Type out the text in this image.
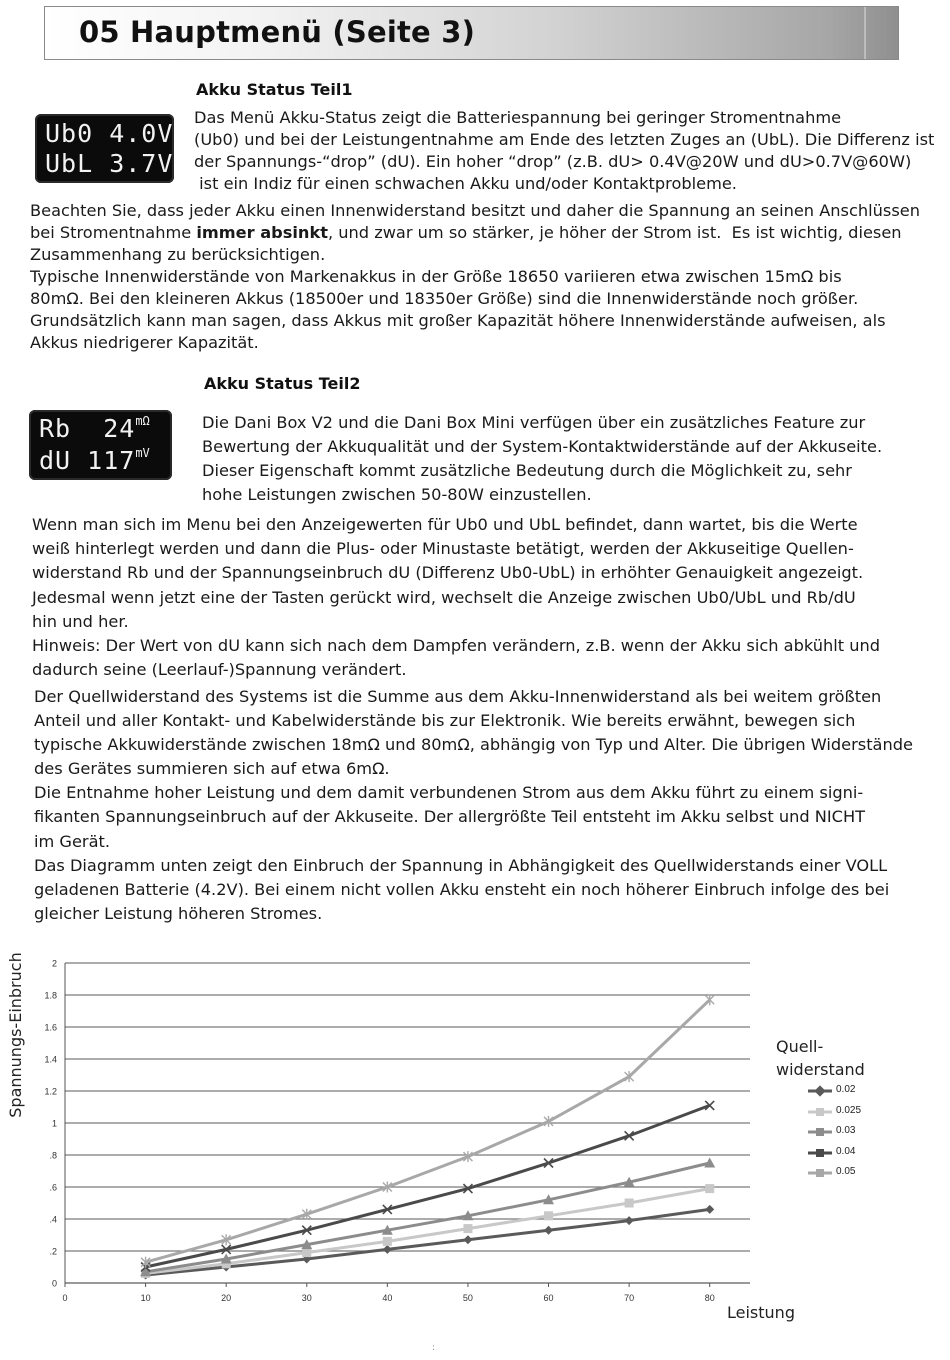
05 Hauptmenü (Seite 3)
Akku Status Teil1
Ub0 4.0V
UbL 3.7V
Das Menü Akku-Status zeigt die Batteriespannung bei geringer Stromentnahme
(Ub0) und bei der Leistungentnahme am Ende des letzten Zuges an (UbL). Die Differenz ist
der Spannungs-“drop” (dU). Ein hoher “drop” (z.B. dU> 0.4V@20W und dU>0.7V@60W)
ist ein Indiz für einen schwachen Akku und/oder Kontaktprobleme.
Beachten Sie, dass jeder Akku einen Innenwiderstand besitzt und daher die Spannung an seinen Anschlüssen
bei Stromentnahme immer absinkt, und zwar um so stärker, je höher der Strom ist.  Es ist wichtig, diesen
Zusammenhang zu berücksichtigen.
Typische Innenwiderstände von Markenakkus in der Größe 18650 variieren etwa zwischen 15mΩ bis
80mΩ. Bei den kleineren Akkus (18500er und 18350er Größe) sind die Innenwiderstände noch größer.
Grundsätzlich kann man sagen, dass Akkus mit großer Kapazität höhere Innenwiderstände aufweisen, als
Akkus niedrigerer Kapazität.
Akku Status Teil2
Rb  $24^{m\Omega}$
dU $117^{mV}$
Die Dani Box V2 und die Dani Box Mini verfügen über ein zusätzliches Feature zur
Bewertung der Akkuqualität und der System-Kontaktwiderstände auf der Akkuseite.
Dieser Eigenschaft kommt zusätzliche Bedeutung durch die Möglichkeit zu, sehr
hohe Leistungen zwischen 50-80W einzustellen.
Wenn man sich im Menu bei den Anzeigewerten für Ub0 und UbL befindet, dann wartet, bis die Werte
weiß hinterlegt werden und dann die Plus- oder Minustaste betätigt, werden der Akkuseitige Quellen-
widerstand Rb und der Spannungseinbruch dU (Differenz Ub0-UbL) in erhöhter Genauigkeit angezeigt.
Jedesmal wenn jetzt eine der Tasten gerückt wird, wechselt die Anzeige zwischen Ub0/UbL und Rb/dU
hin und her.
Hinweis: Der Wert von dU kann sich nach dem Dampfen verändern, z.B. wenn der Akku sich abkühlt und
dadurch seine (Leerlauf-)Spannung verändert.
Der Quellwiderstand des Systems ist die Summe aus dem Akku-Innenwiderstand als bei weitem größten
Anteil und aller Kontakt- und Kabelwiderstände bis zur Elektronik. Wie bereits erwähnt, bewegen sich
typische Akkuwiderstände zwischen 18mΩ und 80mΩ, abhängig von Typ und Alter. Die übrigen Widerstände
des Gerätes summieren sich auf etwa 6mΩ.
Die Entnahme hoher Leistung und dem damit verbundenen Strom aus dem Akku führt zu einem signi-
fikanten Spannungseinbruch auf der Akkuseite. Der allergrößte Teil entsteht im Akku selbst und NICHT
im Gerät.
Das Diagramm unten zeigt den Einbruch der Spannung in Abhängigkeit des Quellwiderstands einer VOLL
geladenen Batterie (4.2V). Bei einem nicht vollen Akku ensteht ein noch höherer Einbruch infolge des bei
gleicher Leistung höheren Stromes.
0
.2
.4
.6
.8
1
1.2
1.4
1.6
1.8
2
0	10	20	30	40	50	60	70	80
Spannungs-Einbruch
Leistung
Quell-
widerstand
0.02
0.025
0.03
0.04
0.05
:
